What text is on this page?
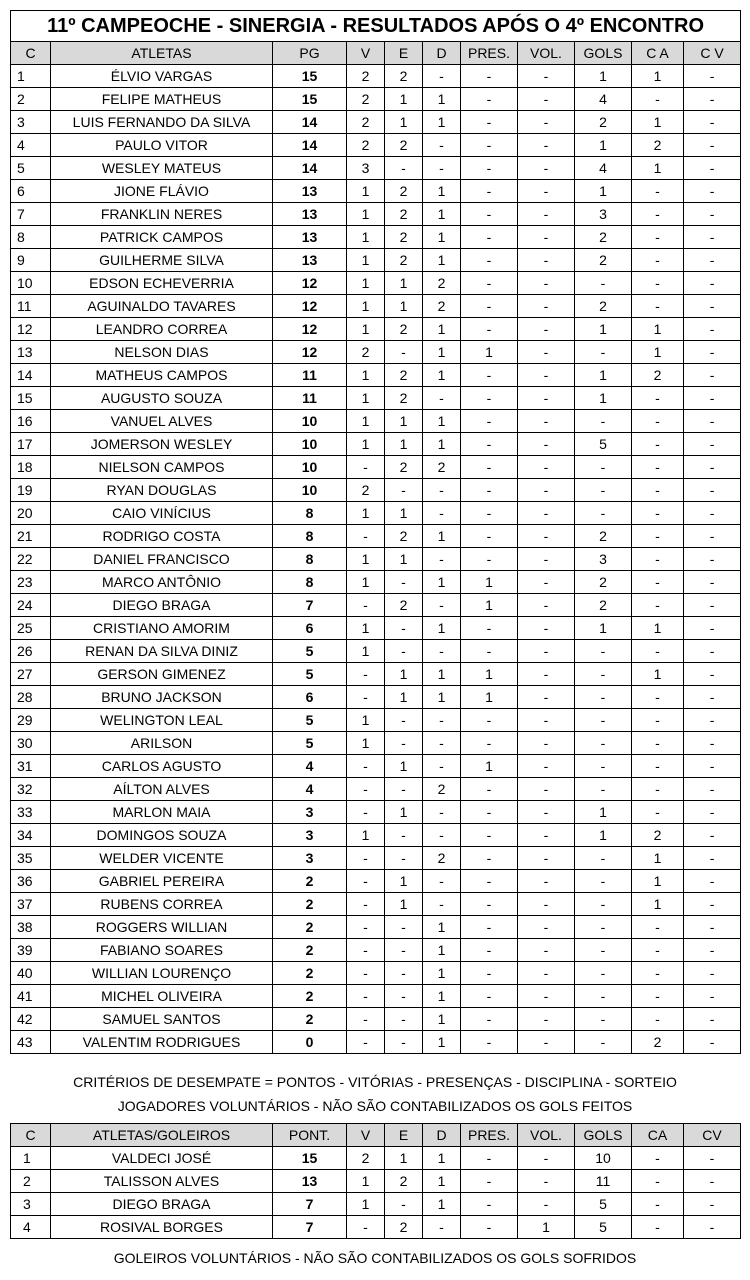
11º CAMPEOCHE - SINERGIA - RESULTADOS APÓS O 4º ENCONTRO										
C	ATLETAS	PG	V	E	D	PRES.	VOL.	GOLS	C A	C V
1	ÉLVIO VARGAS	15	2	2	-	-	-	1	1	-
2	FELIPE MATHEUS	15	2	1	1	-	-	4	-	-
3	LUIS FERNANDO DA SILVA	14	2	1	1	-	-	2	1	-
4	PAULO VITOR	14	2	2	-	-	-	1	2	-
5	WESLEY MATEUS	14	3	-	-	-	-	4	1	-
6	JIONE FLÁVIO	13	1	2	1	-	-	1	-	-
7	FRANKLIN NERES	13	1	2	1	-	-	3	-	-
8	PATRICK CAMPOS	13	1	2	1	-	-	2	-	-
9	GUILHERME SILVA	13	1	2	1	-	-	2	-	-
10	EDSON ECHEVERRIA	12	1	1	2	-	-	-	-	-
11	AGUINALDO TAVARES	12	1	1	2	-	-	2	-	-
12	LEANDRO CORREA	12	1	2	1	-	-	1	1	-
13	NELSON DIAS	12	2	-	1	1	-	-	1	-
14	MATHEUS CAMPOS	11	1	2	1	-	-	1	2	-
15	AUGUSTO SOUZA	11	1	2	-	-	-	1	-	-
16	VANUEL ALVES	10	1	1	1	-	-	-	-	-
17	JOMERSON WESLEY	10	1	1	1	-	-	5	-	-
18	NIELSON CAMPOS	10	-	2	2	-	-	-	-	-
19	RYAN DOUGLAS	10	2	-	-	-	-	-	-	-
20	CAIO VINÍCIUS	8	1	1	-	-	-	-	-	-
21	RODRIGO COSTA	8	-	2	1	-	-	2	-	-
22	DANIEL FRANCISCO	8	1	1	-	-	-	3	-	-
23	MARCO ANTÔNIO	8	1	-	1	1	-	2	-	-
24	DIEGO BRAGA	7	-	2	-	1	-	2	-	-
25	CRISTIANO AMORIM	6	1	-	1	-	-	1	1	-
26	RENAN DA SILVA DINIZ	5	1	-	-	-	-	-	-	-
27	GERSON GIMENEZ	5	-	1	1	1	-	-	1	-
28	BRUNO JACKSON	6	-	1	1	1	-	-	-	-
29	WELINGTON LEAL	5	1	-	-	-	-	-	-	-
30	ARILSON	5	1	-	-	-	-	-	-	-
31	CARLOS AGUSTO	4	-	1	-	1	-	-	-	-
32	AÍLTON ALVES	4	-	-	2	-	-	-	-	-
33	MARLON MAIA	3	-	1	-	-	-	1	-	-
34	DOMINGOS SOUZA	3	1	-	-	-	-	1	2	-
35	WELDER VICENTE	3	-	-	2	-	-	-	1	-
36	GABRIEL PEREIRA	2	-	1	-	-	-	-	1	-
37	RUBENS CORREA	2	-	1	-	-	-	-	1	-
38	ROGGERS WILLIAN	2	-	-	1	-	-	-	-	-
39	FABIANO SOARES	2	-	-	1	-	-	-	-	-
40	WILLIAN LOURENÇO	2	-	-	1	-	-	-	-	-
41	MICHEL OLIVEIRA	2	-	-	1	-	-	-	-	-
42	SAMUEL SANTOS	2	-	-	1	-	-	-	-	-
43	VALENTIM RODRIGUES	0	-	-	1	-	-	-	2	-
CRITÉRIOS DE DESEMPATE = PONTOS - VITÓRIAS - PRESENÇAS - DISCIPLINA - SORTEIO
JOGADORES VOLUNTÁRIOS - NÃO SÃO CONTABILIZADOS OS GOLS FEITOS
C	ATLETAS/GOLEIROS	PONT.	V	E	D	PRES.	VOL.	GOLS	CA	CV
1	VALDECI JOSÉ	15	2	1	1	-	-	10	-	-
2	TALISSON ALVES	13	1	2	1	-	-	11	-	-
3	DIEGO BRAGA	7	1	-	1	-	-	5	-	-
4	ROSIVAL BORGES	7	-	2	-	-	1	5	-	-
GOLEIROS VOLUNTÁRIOS - NÃO SÃO CONTABILIZADOS OS GOLS SOFRIDOS
